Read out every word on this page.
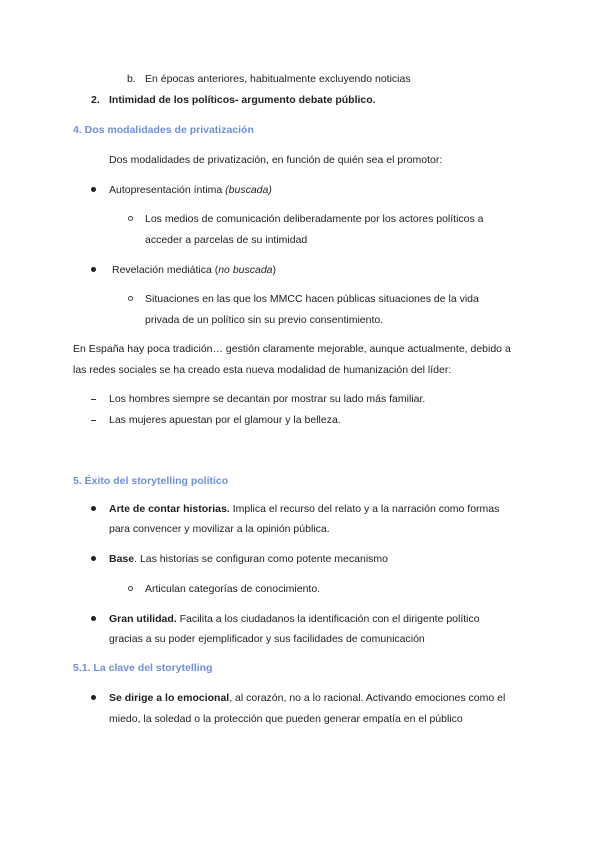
b. En épocas anteriores, habitualmente excluyendo noticias
2. Intimidad de los políticos- argumento debate público.
4. Dos modalidades de privatización
Dos modalidades de privatización, en función de quién sea el promotor:
Autopresentación íntima (buscada)
Los medios de comunicación deliberadamente por los actores políticos a
acceder a parcelas de su intimidad
Revelación mediática (no buscada)
Situaciones en las que los MMCC hacen públicas situaciones de la vida
privada de un político sin su previo consentimiento.
En España hay poca tradición… gestión claramente mejorable, aunque actualmente, debido a
las redes sociales se ha creado esta nueva modalidad de humanización del líder:
Los hombres siempre se decantan por mostrar su lado más familiar.
Las mujeres apuestan por el glamour y la belleza.
5. Éxito del storytelling político
Arte de contar historias. Implica el recurso del relato y a la narración como formas
para convencer y movilizar a la opinión pública.
Base. Las historias se configuran como potente mecanismo
Articulan categorías de conocimiento.
Gran utilidad. Facilita a los ciudadanos la identificación con el dirigente político
gracias a su poder ejemplificador y sus facilidades de comunicación
5.1. La clave del storytelling
Se dirige a lo emocional, al corazón, no a lo racional. Activando emociones como el
miedo, la soledad o la protección que pueden generar empatía en el público
